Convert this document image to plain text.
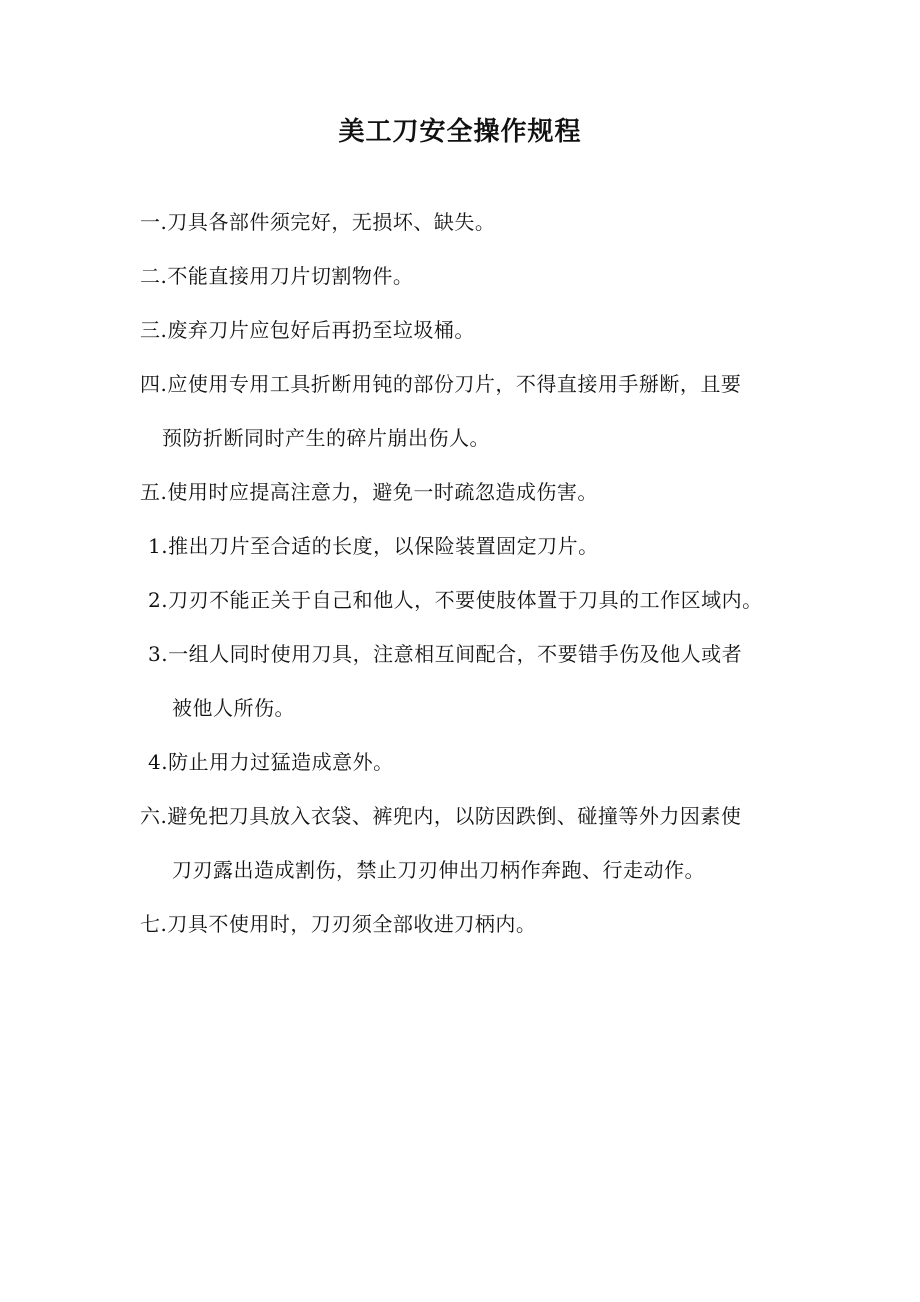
美工刀安全操作规程
一.刀具各部件须完好，无损坏、缺失。
二.不能直接用刀片切割物件。
三.废弃刀片应包好后再扔至垃圾桶。
四.应使用专用工具折断用钝的部份刀片，不得直接用手掰断，且要
预防折断同时产生的碎片崩出伤人。
五.使用时应提高注意力，避免一时疏忽造成伤害。
1.推出刀片至合适的长度，以保险装置固定刀片。
2.刀刃不能正关于自己和他人，不要使肢体置于刀具的工作区域内。
3.一组人同时使用刀具，注意相互间配合，不要错手伤及他人或者
被他人所伤。
4.防止用力过猛造成意外。
六.避免把刀具放入衣袋、裤兜内，以防因跌倒、碰撞等外力因素使
刀刃露出造成割伤，禁止刀刃伸出刀柄作奔跑、行走动作。
七.刀具不使用时，刀刃须全部收进刀柄内。
